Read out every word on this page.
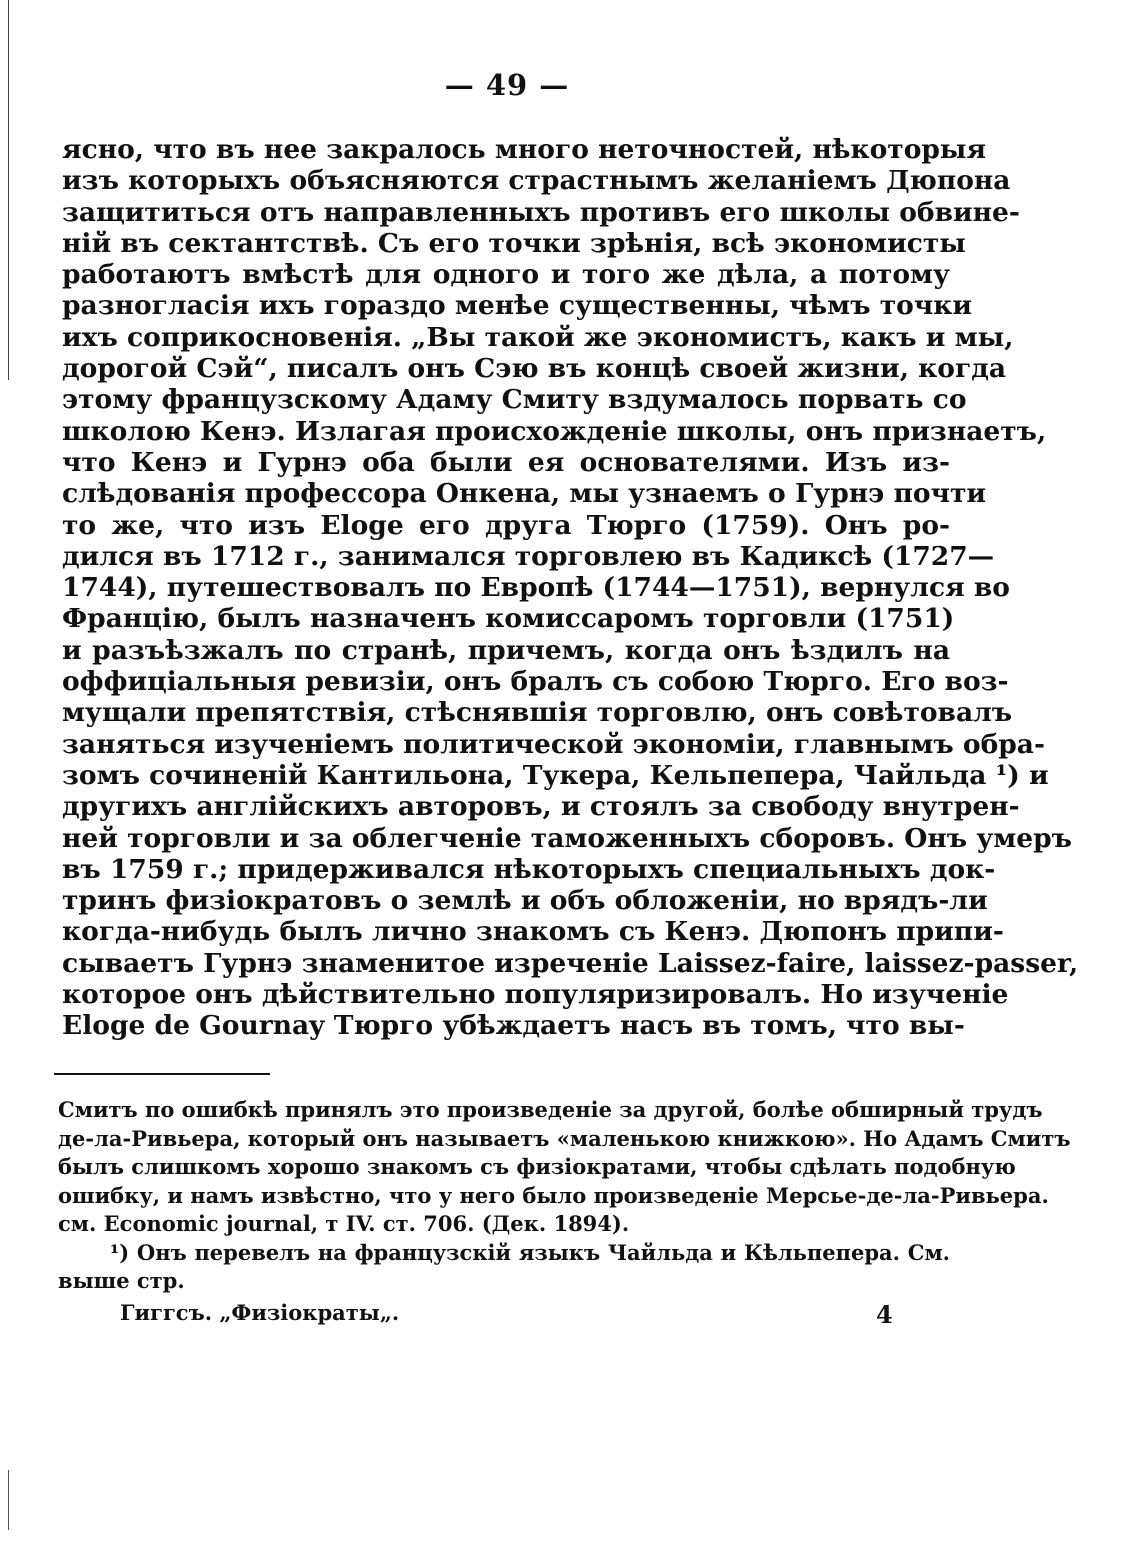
— 49 —
ясно, что въ нее закралось много неточностей, нѣкоторыя
изъ которыхъ объясняются страстнымъ желаніемъ Дюпона
защититься отъ направленныхъ противъ его школы обвине-
ній въ сектантствѣ. Съ его точки зрѣнія, всѣ экономисты
работаютъ вмѣстѣ для одного и того же дѣла, а потому
разноглаcія ихъ гораздо менѣе существенны, чѣмъ точки
ихъ соприкосновенія. „Вы такой же экономистъ, какъ и мы,
дорогой Сэй“, писалъ онъ Сэю въ концѣ своей жизни, когда
этому французскому Адаму Смиту вздумалось порвать со
школою Кенэ. Излагая происхожденіе школы, онъ признаетъ,
что Кенэ и Гурнэ оба были ея основателями. Изъ из-
слѣдованія профессора Онкена, мы узнаемъ о Гурнэ почти
то же, что изъ Eloge его друга Тюрго (1759). Онъ ро-
дился въ 1712 г., занимался торговлею въ Кадиксѣ (1727—
1744), путешествовалъ по Европѣ (1744—1751), вернулся во
Францію, былъ назначенъ комиссаромъ торговли (1751)
и разъѣзжалъ по странѣ, причемъ, когда онъ ѣздилъ на
оффиціальныя ревизіи, онъ бралъ съ собою Тюрго. Его воз-
мущали препятствія, стѣснявшія торговлю, онъ совѣтовалъ
заняться изученіемъ политической экономіи, главнымъ обра-
зомъ сочиненій Кантильона, Тукера, Кельпепера, Чайльда ¹) и
другихъ англійскихъ авторовъ, и стоялъ за свободу внутрен-
ней торговли и за облегченіе таможенныхъ сборовъ. Онъ умеръ
въ 1759 г.; придерживался нѣкоторыхъ специальныхъ док-
тринъ физіократовъ о землѣ и объ обложеніи, но врядъ-ли
когда-нибудь былъ лично знакомъ съ Кенэ. Дюпонъ припи-
сываетъ Гурнэ знаменитое изреченіе Laissez-faire, laissez-passer,
которое онъ дѣйствительно популяризировалъ. Но изученіе
Eloge de Gournay Тюрго убѣждаетъ насъ въ томъ, что вы-
Смитъ по ошибкѣ принялъ это произведеніе за другой, болѣе обширный трудъ
де-ла-Ривьера, который онъ называетъ «маленькою книжкою». Но Адамъ Смитъ
былъ слишкомъ хорошо знакомъ съ физіократами, чтобы сдѣлать подобную
ошибку, и намъ извѣстно, что у него было произведеніе Мерсье-де-ла-Ривьера.
см. Economic journal, т IV. ст. 706. (Дек. 1894).
¹) Онъ перевелъ на французскій языкъ Чайльда и Кѣльпепера. См.
выше стр.
Гиггсъ. „Физіократы„.	4
